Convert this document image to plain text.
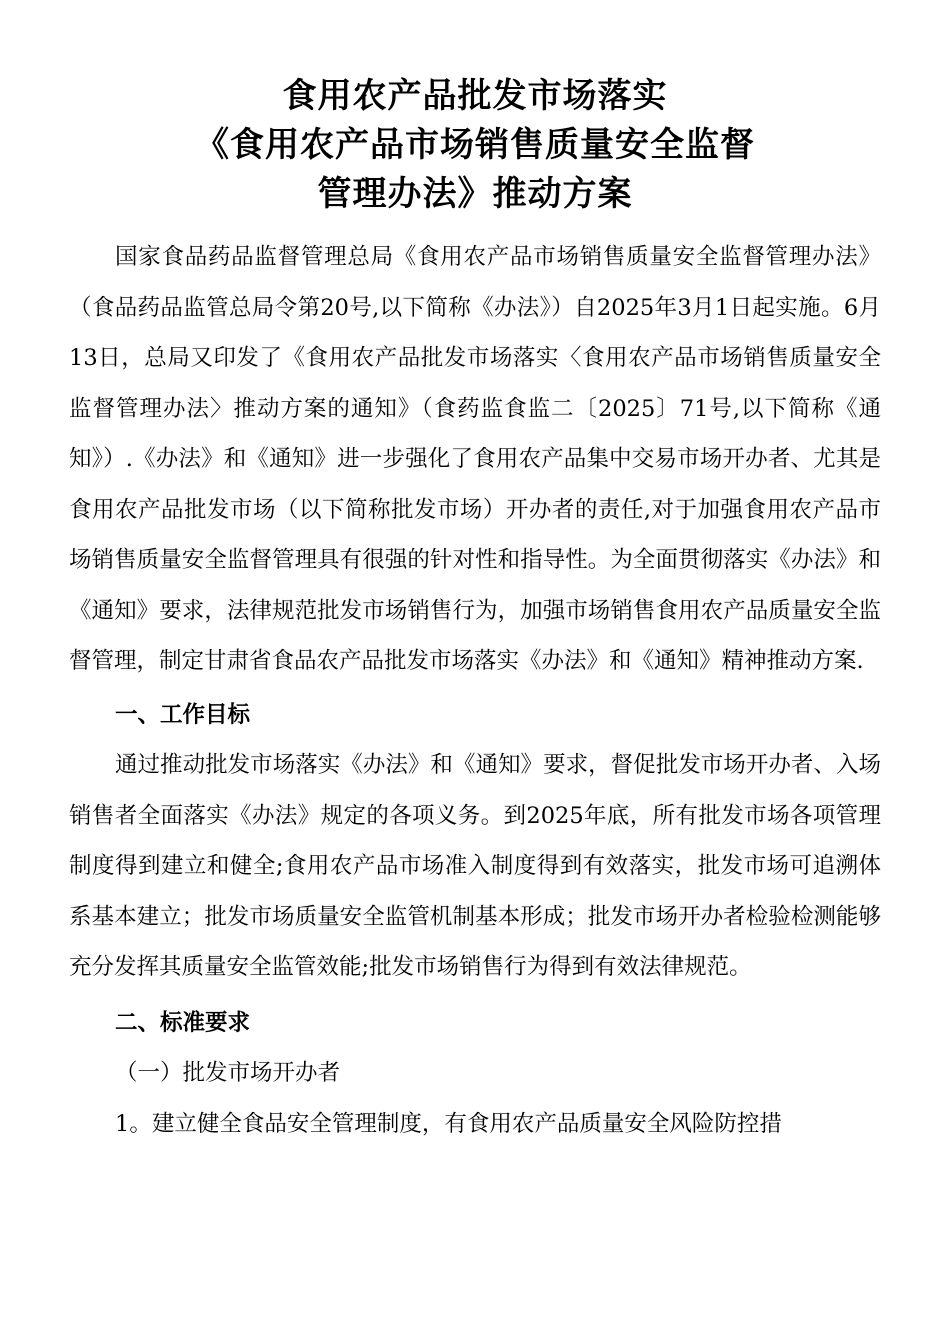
食用农产品批发市场落实
《食用农产品市场销售质量安全监督
管理办法》推动方案

国家食品药品监督管理总局《食用农产品市场销售质量安全监督管理办法》（食品药品监管总局令第20号,以下简称《办法》）自2025年3月1日起实施。6月13日，总局又印发了《食用农产品批发市场落实〈食用农产品市场销售质量安全监督管理办法〉推动方案的通知》（食药监食监二〔2025〕71号,以下简称《通知》）.《办法》和《通知》进一步强化了食用农产品集中交易市场开办者、尤其是食用农产品批发市场（以下简称批发市场）开办者的责任,对于加强食用农产品市场销售质量安全监督管理具有很强的针对性和指导性。为全面贯彻落实《办法》和《通知》要求，法律规范批发市场销售行为，加强市场销售食用农产品质量安全监督管理，制定甘肃省食品农产品批发市场落实《办法》和《通知》精神推动方案.

一、工作目标

通过推动批发市场落实《办法》和《通知》要求，督促批发市场开办者、入场销售者全面落实《办法》规定的各项义务。到2025年底，所有批发市场各项管理制度得到建立和健全;食用农产品市场准入制度得到有效落实，批发市场可追溯体系基本建立；批发市场质量安全监管机制基本形成；批发市场开办者检验检测能够充分发挥其质量安全监管效能;批发市场销售行为得到有效法律规范。

二、标准要求

（一）批发市场开办者

1。建立健全食品安全管理制度，有食用农产品质量安全风险防控措
